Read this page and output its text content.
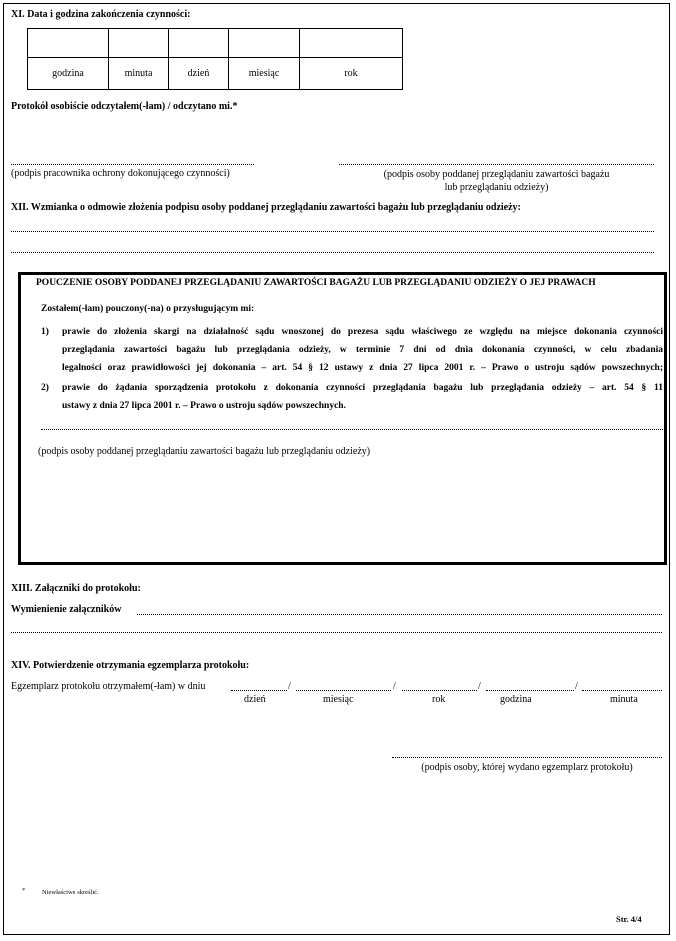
XI. Data i godzina zakończenia czynności:

godzina	minuta	dzień	miesiąc	rok
Protokół osobiście odczytałem(-łam) / odczytano mi.*
(podpis pracownika ochrony dokonującego czynności)	(podpis osoby poddanej przeglądaniu zawartości bagażu
lub przeglądaniu odzieży)
XII. Wzmianka o odmowie złożenia podpisu osoby poddanej przeglądaniu zawartości bagażu lub przeglądaniu odzieży:
POUCZENIE OSOBY PODDANEJ PRZEGLĄDANIU ZAWARTOŚCI BAGAŻU LUB PRZEGLĄDANIU ODZIEŻY O JEJ PRAWACH
Zostałem(-łam) pouczony(-na) o przysługującym mi:
1)	prawie do złożenia skargi na działalność sądu wnoszonej do prezesa sądu właściwego ze względu na miejsce dokonania czynności
przeglądania zawartości bagażu lub przeglądania odzieży, w terminie 7 dni od dnia dokonania czynności, w celu zbadania
legalności oraz prawidłowości jej dokonania – art. 54 § 12 ustawy z dnia 27 lipca 2001 r. – Prawo o ustroju sądów powszechnych;
2)	prawie do żądania sporządzenia protokołu z dokonania czynności przeglądania bagażu lub przeglądania odzieży – art. 54 § 11
ustawy z dnia 27 lipca 2001 r. – Prawo o ustroju sądów powszechnych.
(podpis osoby poddanej przeglądaniu zawartości bagażu lub przeglądaniu odzieży)
XIII. Załączniki do protokołu:
Wymienienie załączników
XIV. Potwierdzenie otrzymania egzemplarza protokołu:
Egzemplarz protokołu otrzymałem(-łam) w dniu	/	/	/	/
dzień	miesiąc	rok	godzina	minuta
(podpis osoby, której wydano egzemplarz protokołu)
*	Niewłaściwe skreślić.
Str. 4/4
